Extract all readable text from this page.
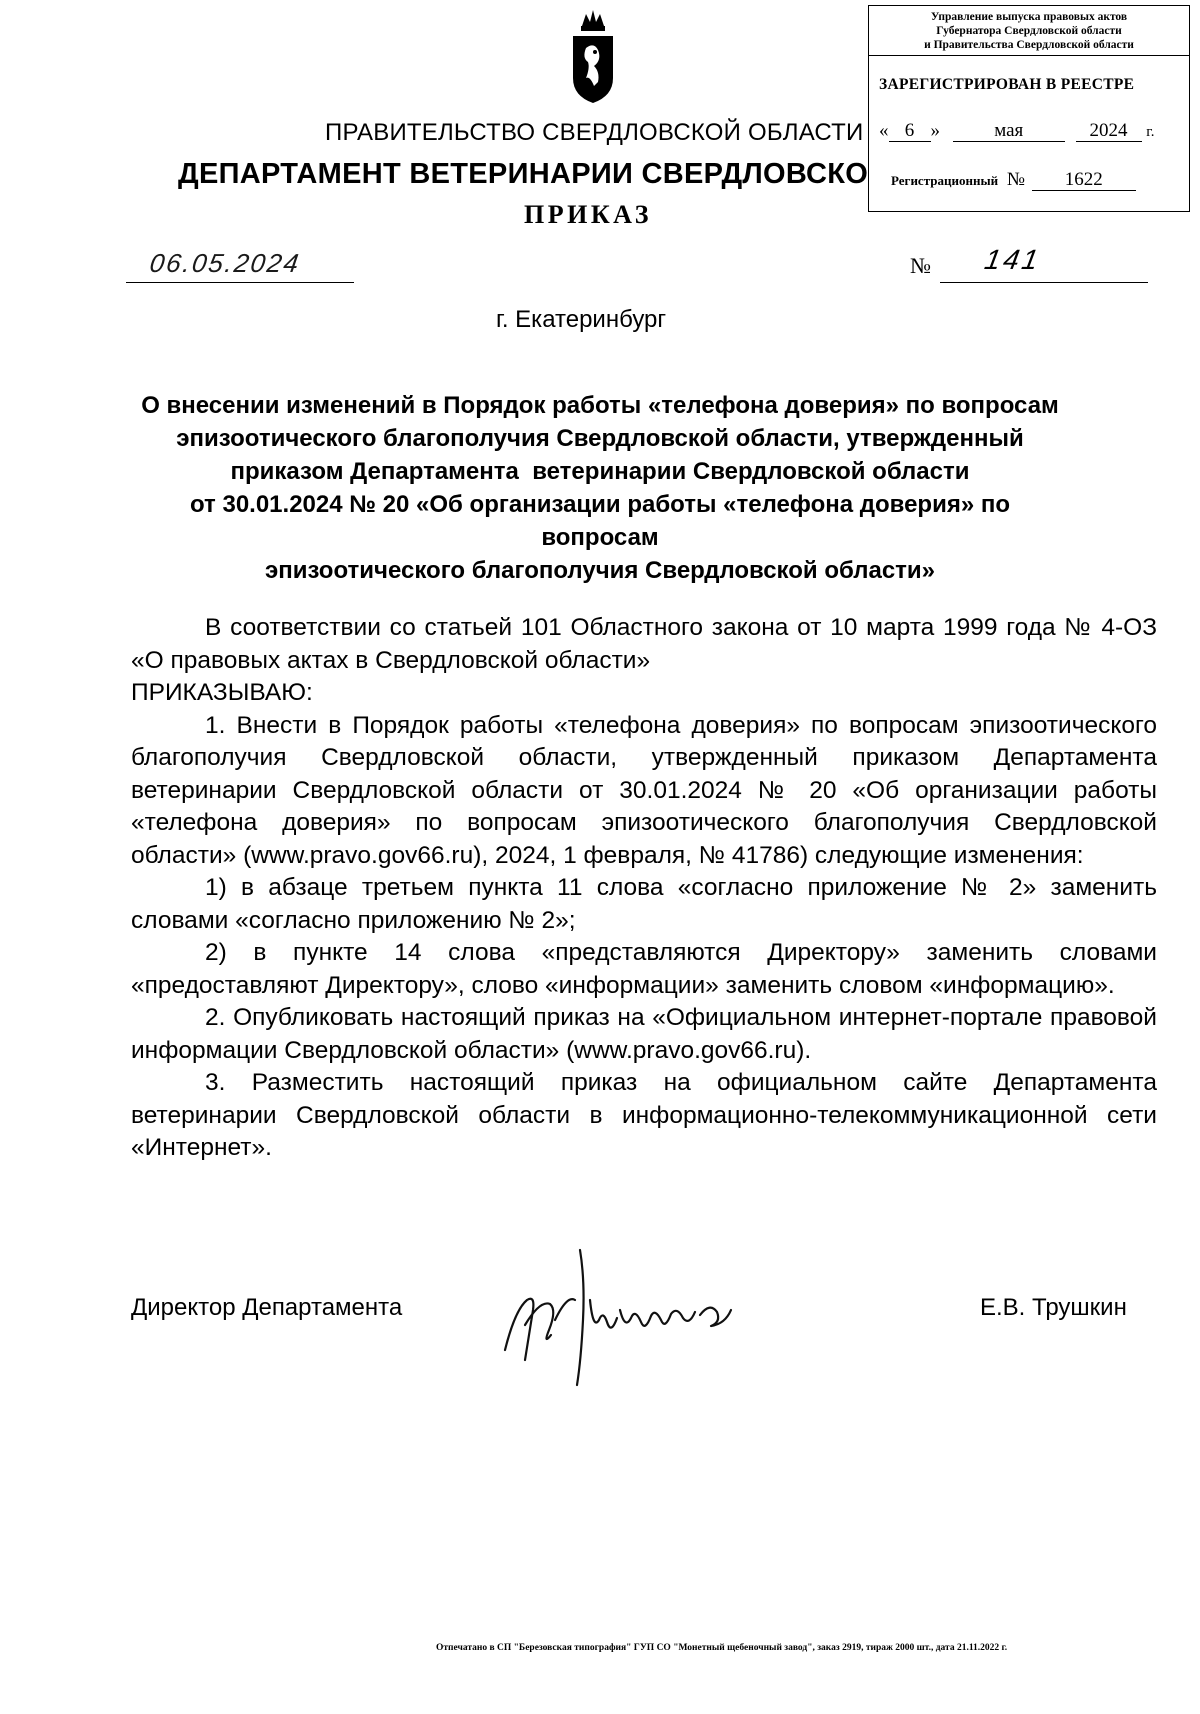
Управление выпуска правовых актов
Губернатора Свердловской области
и Правительства Свердловской области
ЗАРЕГИСТРИРОВАН В РЕЕСТРЕ
« 6 »	мая	2024 г.
Регистрационный № 1622
ПРАВИТЕЛЬСТВО СВЕРДЛОВСКОЙ ОБЛАСТИ
ДЕПАРТАМЕНТ ВЕТЕРИНАРИИ СВЕРДЛОВСКО
ПРИКАЗ
06.05.2024	№ 141
г. Екатеринбург
О внесении изменений в Порядок работы «телефона доверия» по вопросам
эпизоотического благополучия Свердловской области, утвержденный
приказом Департамента  ветеринарии Свердловской области
от 30.01.2024 № 20 «Об организации работы «телефона доверия» по вопросам
эпизоотического благополучия Свердловской области»

В соответствии со статьей 101 Областного закона от 10 марта 1999 года № 4-ОЗ «О правовых актах в Свердловской области»

ПРИКАЗЫВАЮ:

1. Внести в Порядок работы «телефона доверия» по вопросам эпизоотического благополучия Свердловской области, утвержденный приказом Департамента ветеринарии Свердловской области от 30.01.2024 № 20 «Об организации работы «телефона доверия» по вопросам эпизоотического благополучия Свердловской области» (www.pravo.gov66.ru), 2024, 1 февраля, № 41786) следующие изменения:

1) в абзаце третьем пункта 11 слова «согласно приложение № 2» заменить словами «согласно приложению № 2»;

2) в пункте 14 слова «представляются Директору» заменить словами «предоставляют Директору», слово «информации» заменить словом «информацию».

2. Опубликовать настоящий приказ на «Официальном интернет-портале правовой информации Свердловской области» (www.pravo.gov66.ru).

3. Разместить настоящий приказ на официальном сайте Департамента ветеринарии Свердловской области в информационно-телекоммуникационной сети «Интернет».

Директор Департамента	Е.В. Трушкин
Отпечатано в СП "Березовская типография" ГУП СО "Монетный щебеночный завод", заказ 2919, тираж 2000 шт., дата 21.11.2022 г.
